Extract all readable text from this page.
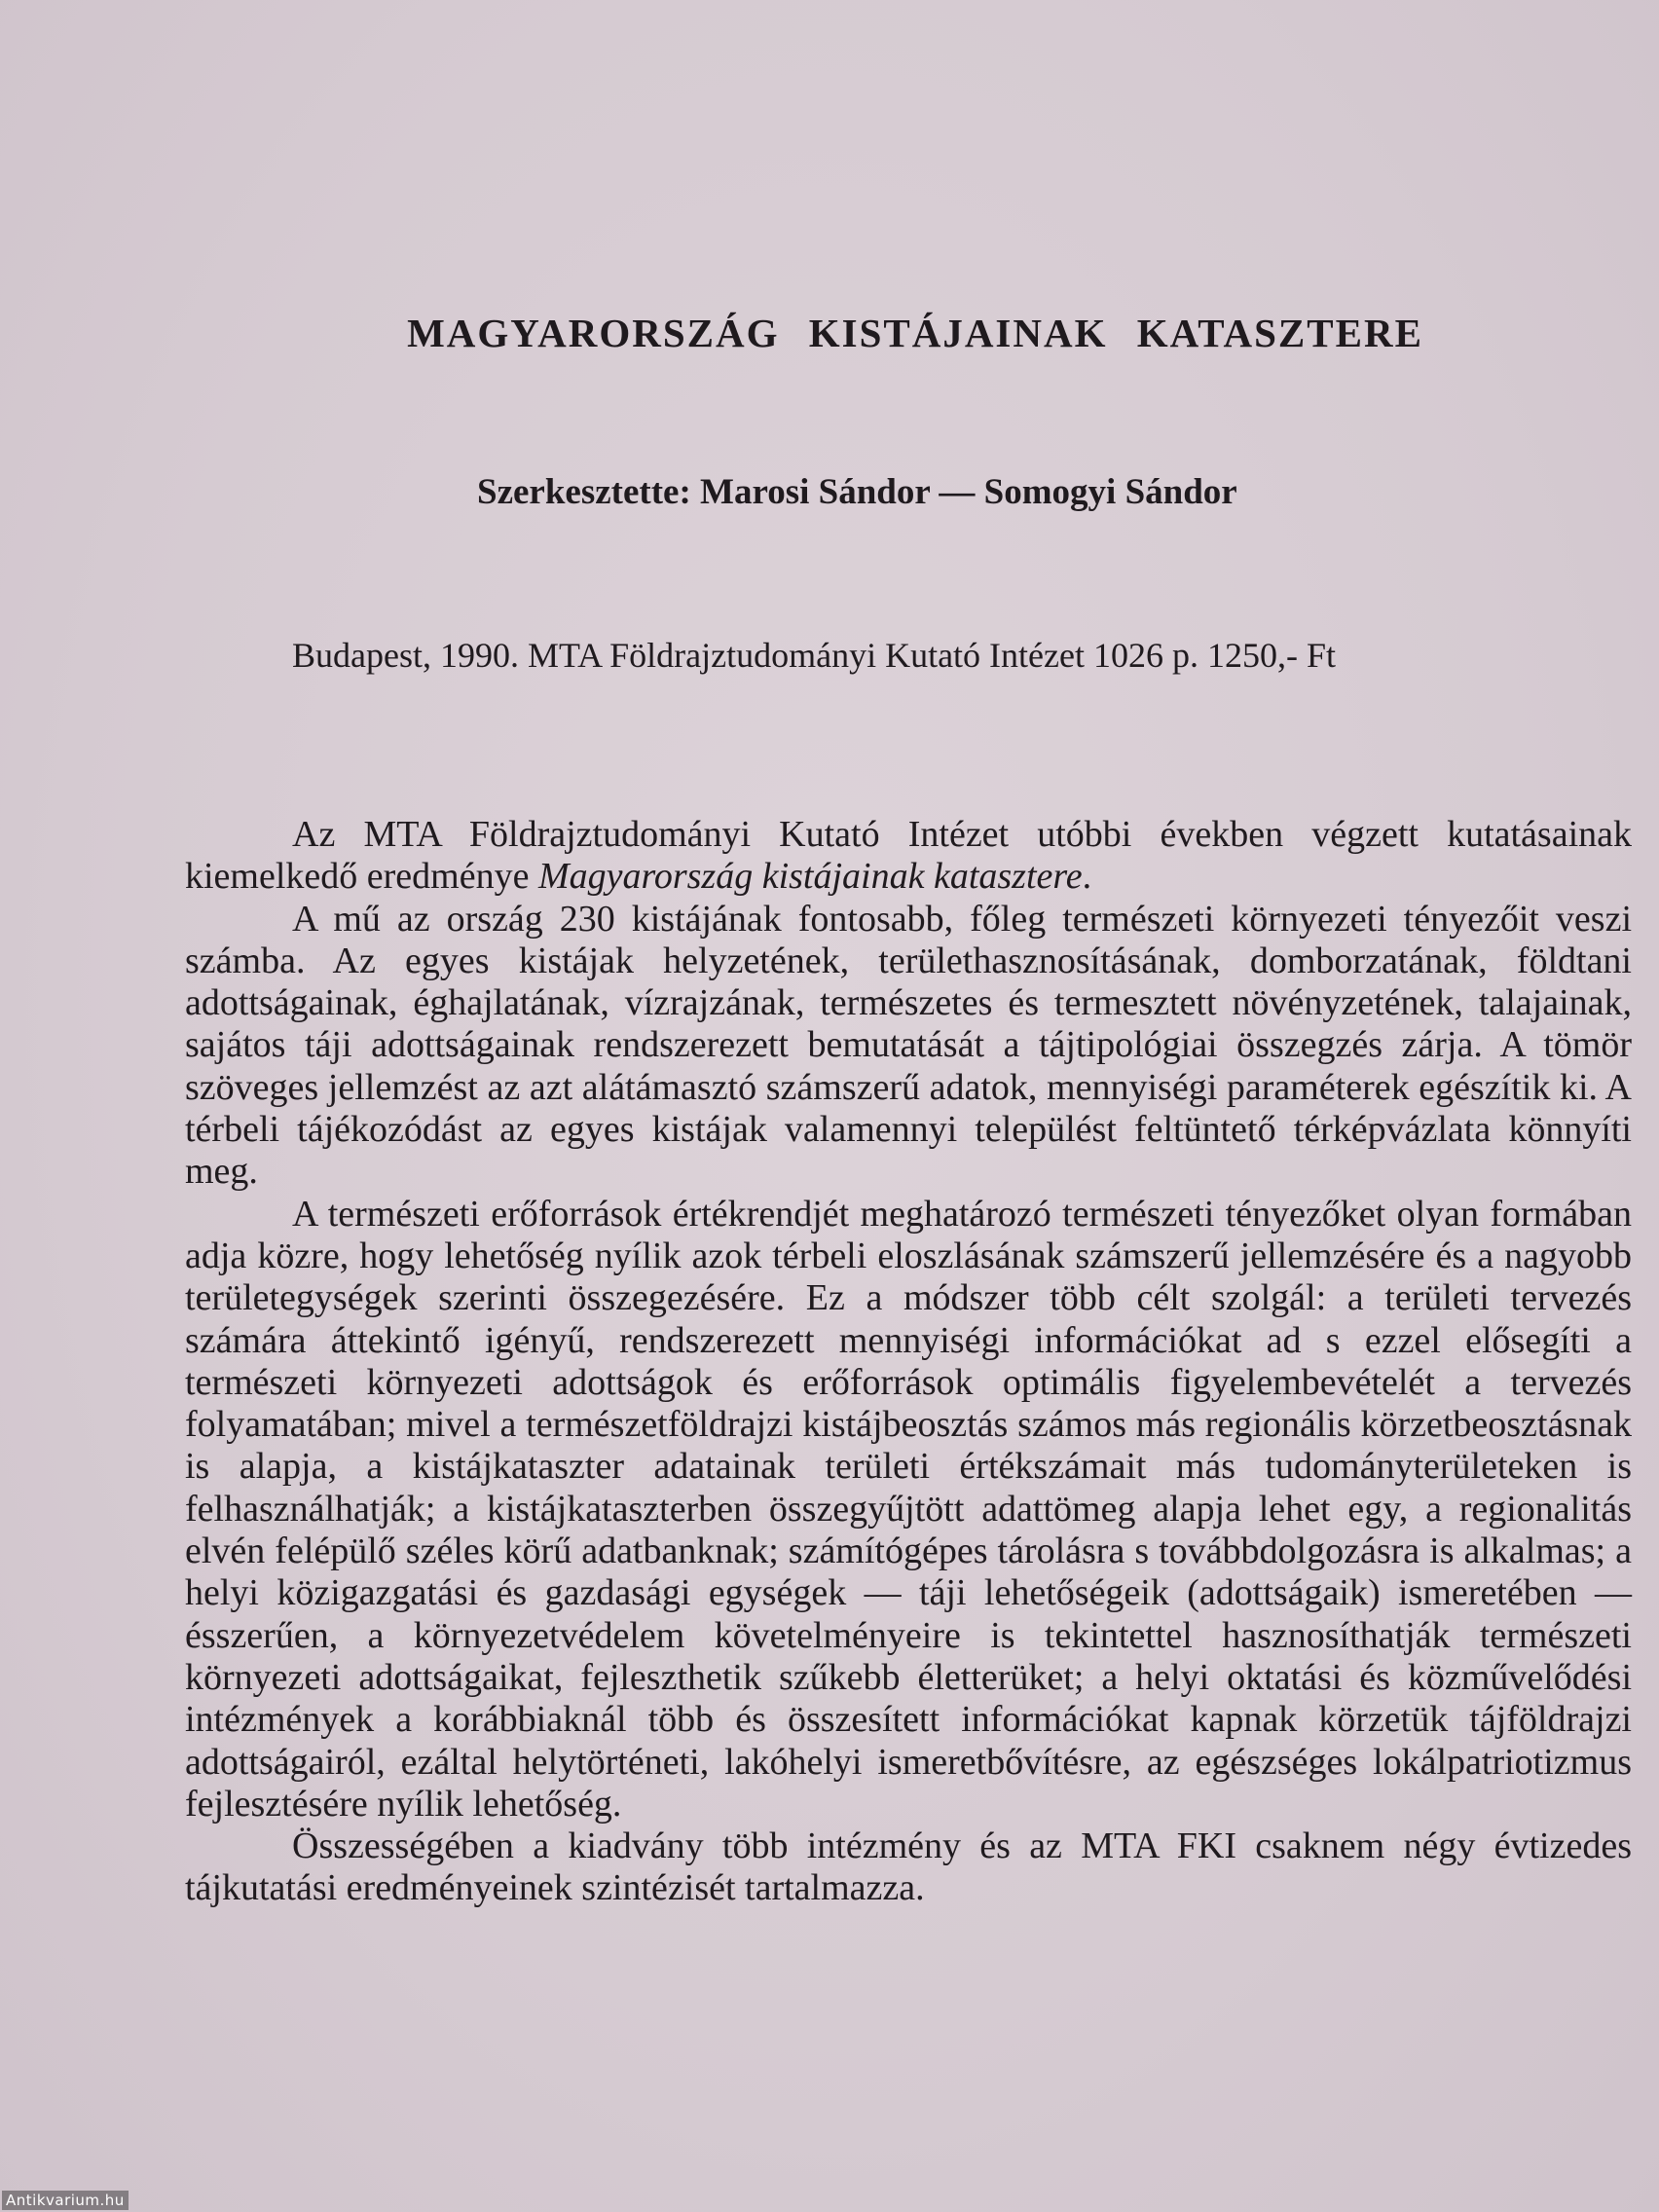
MAGYARORSZÁG KISTÁJAINAK KATASZTERE
Szerkesztette: Marosi Sándor — Somogyi Sándor
Budapest, 1990. MTA Földrajztudományi Kutató Intézet 1026 p. 1250,- Ft

Az MTA Földrajztudományi Kutató Intézet utóbbi években végzett kutatásainak kiemelkedő eredménye Magyarország kistájainak katasztere.

A mű az ország 230 kistájának fontosabb, főleg természeti környezeti tényezőit veszi számba. Az egyes kistájak helyzetének, területhasznosításának, domborzatának, földtani adottságainak, éghajlatának, vízrajzának, természetes és termesztett növényzetének, talajainak, sajátos táji adottságainak rendszerezett bemutatását a tájtipológiai összegzés zárja. A tömör szöveges jellemzést az azt alátámasztó számszerű adatok, mennyiségi paraméterek egészítik ki. A térbeli tájékozódást az egyes kistájak valamennyi települést feltüntető térképvázlata könnyíti meg.

A természeti erőforrások értékrendjét meghatározó természeti tényezőket olyan formában adja közre, hogy lehetőség nyílik azok térbeli eloszlásának számszerű jellemzésére és a nagyobb területegységek szerinti összegezésére. Ez a módszer több célt szolgál: a területi tervezés számára áttekintő igényű, rendszerezett mennyiségi információkat ad s ezzel elősegíti a természeti környezeti adottságok és erőforrások optimális figyelembevételét a tervezés folyamatában; mivel a természetföldrajzi kistájbeosztás számos más regionális körzetbeosztásnak is alapja, a kistájkataszter adatainak területi értékszámait más tudományterületeken is felhasználhatják; a kistájkataszterben összegyűjtött adattömeg alapja lehet egy, a regionalitás elvén felépülő széles körű adatbanknak; számítógépes tárolásra s továbbdolgozásra is alkalmas; a helyi közigazgatási és gazdasági egységek — táji lehetőségeik (adottságaik) ismeretében — ésszerűen, a környezetvédelem követelményeire is tekintettel hasznosíthatják természeti környezeti adottságaikat, fejleszthetik szűkebb életterüket; a helyi oktatási és közművelődési intézmények a korábbiaknál több és összesített információkat kapnak körzetük tájföldrajzi adottságairól, ezáltal helytörténeti, lakóhelyi ismeretbővítésre, az egészséges lokálpatriotizmus fejlesztésére nyílik lehetőség.

Összességében a kiadvány több intézmény és az MTA FKI csaknem négy évtizedes tájkutatási eredményeinek szintézisét tartalmazza.

Antikvarium.hu
